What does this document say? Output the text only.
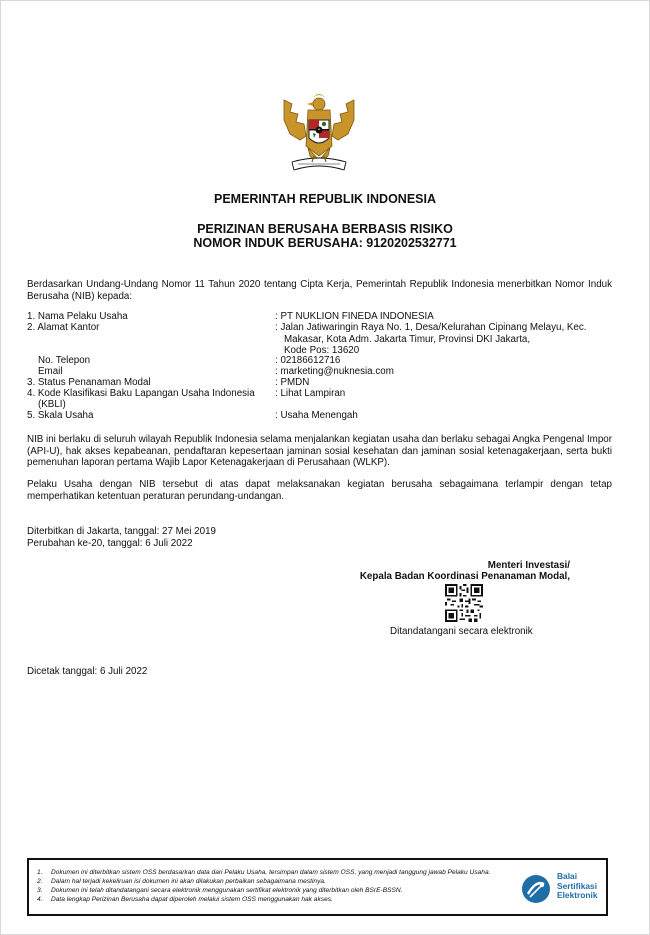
PEMERINTAH REPUBLIK INDONESIA
PERIZINAN BERUSAHA BERBASIS RISIKO
NOMOR INDUK BERUSAHA: 9120202532771
Berdasarkan Undang-Undang Nomor 11 Tahun 2020 tentang Cipta Kerja, Pemerintah Republik Indonesia menerbitkan Nomor Induk Berusaha (NIB) kepada:
1. Nama Pelaku Usaha	: PT NUKLION FINEDA INDONESIA
2. Alamat Kantor	: Jalan Jatiwaringin Raya No. 1, Desa/Kelurahan Cipinang Melayu, Kec.
Makasar, Kota Adm. Jakarta Timur, Provinsi DKI Jakarta,
Kode Pos: 13620
No. Telepon	: 02186612716
Email	: marketing@nuknesia.com
3. Status Penanaman Modal	: PMDN
4. Kode Klasifikasi Baku Lapangan Usaha Indonesia
(KBLI)
: Lihat Lampiran
5. Skala Usaha	: Usaha Menengah
NIB ini berlaku di seluruh wilayah Republik Indonesia selama menjalankan kegiatan usaha dan berlaku sebagai Angka Pengenal Impor (API-U), hak akses kepabeanan, pendaftaran kepesertaan jaminan sosial kesehatan dan jaminan sosial ketenagakerjaan, serta bukti pemenuhan laporan pertama Wajib Lapor Ketenagakerjaan di Perusahaan (WLKP).
Pelaku Usaha dengan NIB tersebut di atas dapat melaksanakan kegiatan berusaha sebagaimana terlampir dengan tetap memperhatikan ketentuan peraturan perundang-undangan.
Diterbitkan di Jakarta, tanggal: 27 Mei 2019
Perubahan ke-20, tanggal: 6 Juli 2022
Menteri Investasi/
Kepala Badan Koordinasi Penanaman Modal,
Ditandatangani secara elektronik
Dicetak tanggal: 6 Juli 2022
1.	Dokumen ini diterbitkan sistem OSS berdasarkan data dari Pelaku Usaha, tersimpan dalam sistem OSS, yang menjadi tanggung jawab Pelaku Usaha.
2.	Dalam hal terjadi kekeliruan isi dokumen ini akan dilakukan perbaikan sebagaimana mestinya.
3.	Dokumen ini telah ditandatangani secara elektronik menggunakan sertifikat elektronik yang diterbitkan oleh BSrE-BSSN.
4.	Data lengkap Perizinan Berusaha dapat diperoleh melalui sistem OSS menggunakan hak akses.
Balai
Sertifikasi
Elektronik
